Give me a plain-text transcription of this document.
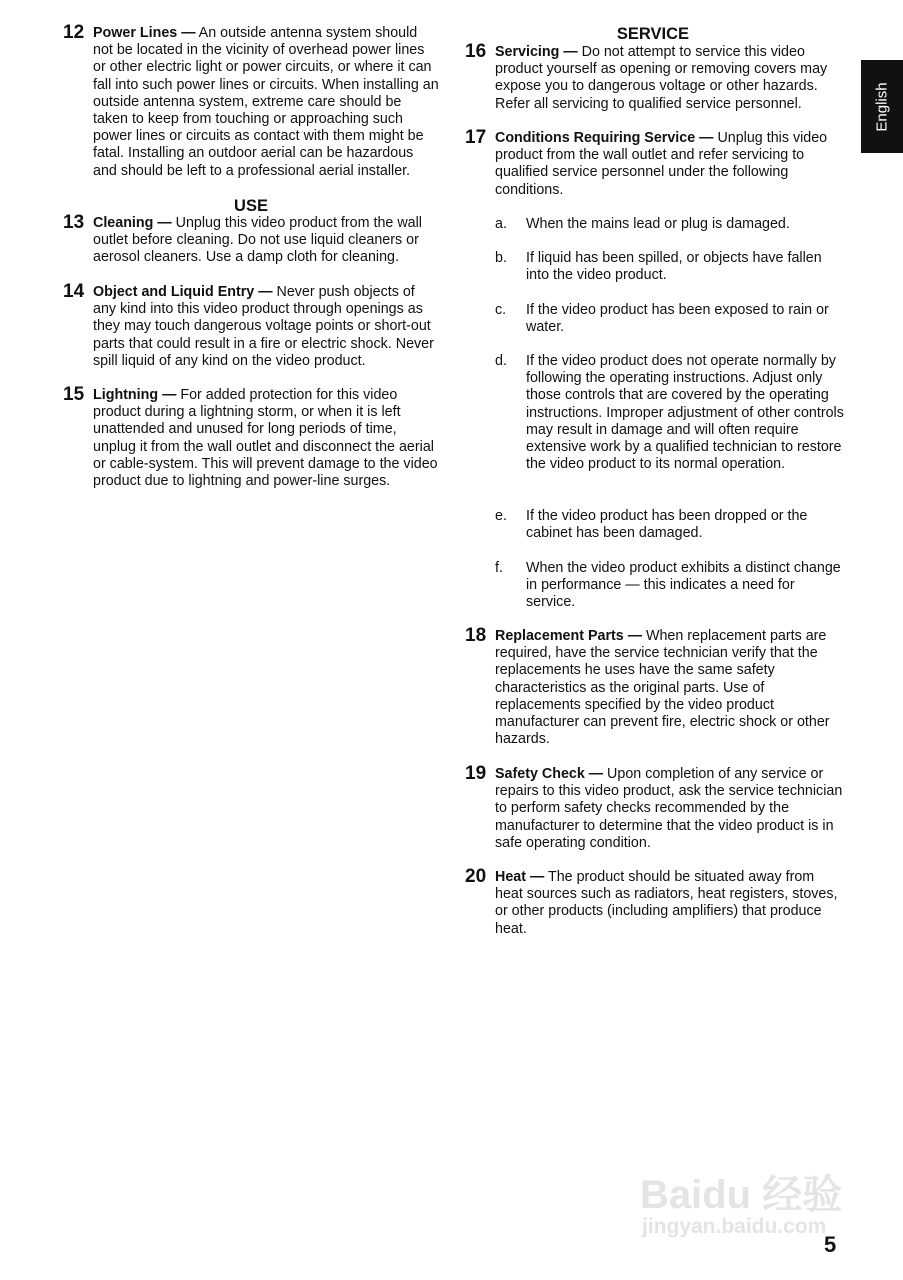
English
USE
SERVICE
12 Power Lines — An outside antenna system should not be located in the vicinity of overhead power lines or other electric light or power circuits, or where it can fall into such power lines or circuits. When installing an outside antenna system, extreme care should be taken to keep from touching or approaching such power lines or circuits as contact with them might be fatal. Installing an outdoor aerial can be hazardous and should be left to a professional aerial installer.
13 Cleaning — Unplug this video product from the wall outlet before cleaning. Do not use liquid cleaners or aerosol cleaners. Use a damp cloth for cleaning.
14 Object and Liquid Entry — Never push objects of any kind into this video product through openings as they may touch dangerous voltage points or short-out parts that could result in a fire or electric shock. Never spill liquid of any kind on the video product.
15 Lightning — For added protection for this video product during a lightning storm, or when it is left unattended and unused for long periods of time, unplug it from the wall outlet and disconnect the aerial or cable-system. This will prevent damage to the video product due to lightning and power-line surges.
16 Servicing — Do not attempt to service this video product yourself as opening or removing covers may expose you to dangerous voltage or other hazards. Refer all servicing to qualified service personnel.
17 Conditions Requiring Service — Unplug this video product from the wall outlet and refer servicing to qualified service personnel under the following conditions.
18 Replacement Parts — When replacement parts are required, have the service technician verify that the replacements he uses have the same safety characteristics as the original parts. Use of replacements specified by the video product manufacturer can prevent fire, electric shock or other hazards.
19 Safety Check — Upon completion of any service or repairs to this video product, ask the service technician to perform safety checks recommended by the manufacturer to determine that the video product is in safe operating condition.
20 Heat — The product should be situated away from heat sources such as radiators, heat registers, stoves, or other products (including amplifiers) that produce heat.
a. When the mains lead or plug is damaged.
b. If liquid has been spilled, or objects have fallen into the video product.
c. If the video product has been exposed to rain or water.
d. If the video product does not operate normally by following the operating instructions. Adjust only those controls that are covered by the operating instructions. Improper adjustment of other controls may result in damage and will often require extensive work by a qualified technician to restore the video product to its normal operation.
e. If the video product has been dropped or the cabinet has been damaged.
f. When the video product exhibits a distinct change in performance — this indicates a need for service.
Baidu 经验
jingyan.baidu.com
5
